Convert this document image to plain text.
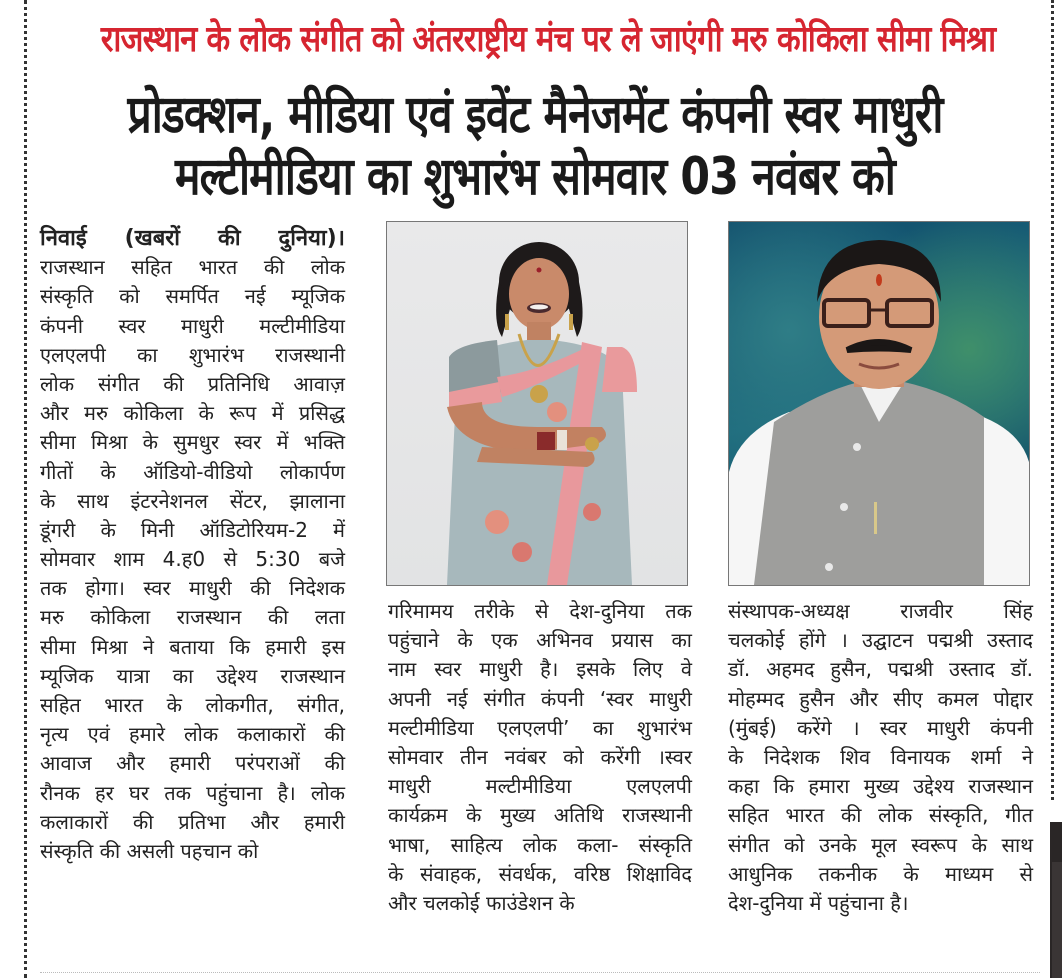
राजस्थान के लोक संगीत को अंतरराष्ट्रीय मंच पर ले जाएंगी मरु कोकिला सीमा मिश्रा
प्रोडक्शन, मीडिया एवं इवेंट मैनेजमेंट कंपनी स्वर माधुरी
मल्टीमीडिया का शुभारंभ सोमवार 03 नवंबर को
निवाई (खबरों की दुनिया)।
राजस्थान सहित भारत की लोक
संस्कृति को समर्पित नई म्यूजिक
कंपनी स्वर माधुरी मल्टीमीडिया
एलएलपी का शुभारंभ राजस्थानी
लोक संगीत की प्रतिनिधि आवाज़
और मरु कोकिला के रूप में प्रसिद्ध
सीमा मिश्रा के सुमधुर स्वर में भक्ति
गीतों के ऑडियो-वीडियो लोकार्पण
के साथ इंटरनेशनल सेंटर, झालाना
डूंगरी के मिनी ऑडिटोरियम-2 में
सोमवार शाम 4.ह0 से 5:30 बजे
तक होगा। स्वर माधुरी की निदेशक
मरु कोकिला राजस्थान की लता
सीमा मिश्रा ने बताया कि हमारी इस
म्यूजिक यात्रा का उद्देश्य राजस्थान
सहित भारत के लोकगीत, संगीत,
नृत्य एवं हमारे लोक कलाकारों की
आवाज और हमारी परंपराओं की
रौनक हर घर तक पहुंचाना है। लोक
कलाकारों की प्रतिभा और हमारी
संस्कृति की असली पहचान को
गरिमामय तरीके से देश-दुनिया तक
पहुंचाने के एक अभिनव प्रयास का
नाम स्वर माधुरी है। इसके लिए वे
अपनी नई संगीत कंपनी ‘स्वर माधुरी
मल्टीमीडिया एलएलपी’ का शुभारंभ
सोमवार तीन नवंबर को करेंगी ।स्वर
माधुरी मल्टीमीडिया एलएलपी
कार्यक्रम के मुख्य अतिथि राजस्थानी
भाषा, साहित्य लोक कला- संस्कृति
के संवाहक, संवर्धक, वरिष्ठ शिक्षाविद
और चलकोई फाउंडेशन के
संस्थापक-अध्यक्ष राजवीर सिंह
चलकोई होंगे । उद्घाटन पद्मश्री उस्ताद
डॉ. अहमद हुसैन, पद्मश्री उस्ताद डॉ.
मोहम्मद हुसैन और सीए कमल पोद्दार
(मुंबई) करेंगे । स्वर माधुरी कंपनी
के निदेशक शिव विनायक शर्मा ने
कहा कि हमारा मुख्य उद्देश्य राजस्थान
सहित भारत की लोक संस्कृति, गीत
संगीत को उनके मूल स्वरूप के साथ
आधुनिक तकनीक के माध्यम से
देश-दुनिया में पहुंचाना है।
